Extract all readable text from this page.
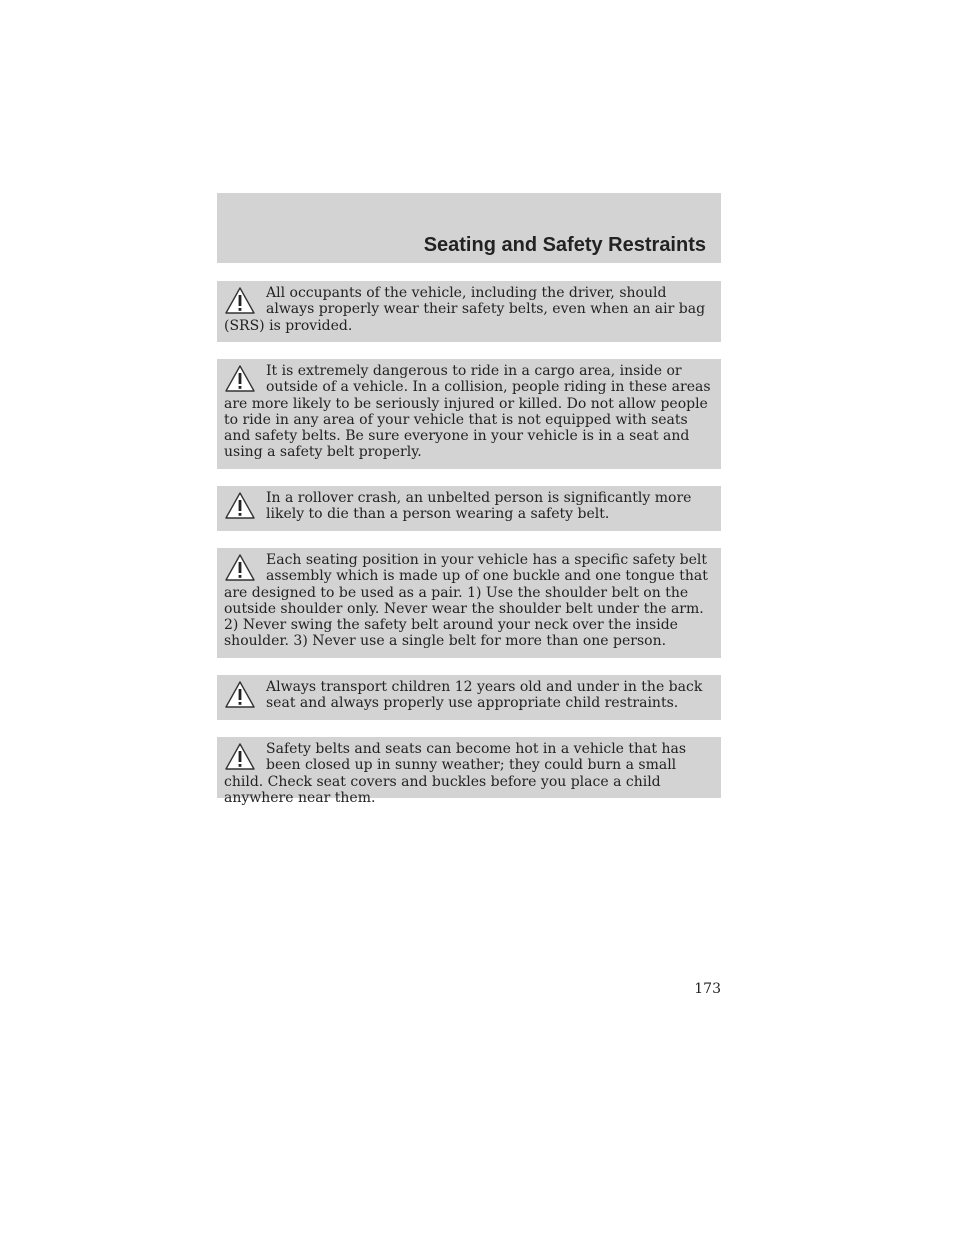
Seating and Safety Restraints

All occupants of the vehicle, including the driver, should always properly wear their safety belts, even when an air bag (SRS) is provided.

It is extremely dangerous to ride in a cargo area, inside or outside of a vehicle. In a collision, people riding in these areas are more likely to be seriously injured or killed. Do not allow people to ride in any area of your vehicle that is not equipped with seats and safety belts. Be sure everyone in your vehicle is in a seat and using a safety belt properly.

In a rollover crash, an unbelted person is significantly more likely to die than a person wearing a safety belt.

Each seating position in your vehicle has a specific safety belt assembly which is made up of one buckle and one tongue that are designed to be used as a pair. 1) Use the shoulder belt on the outside shoulder only. Never wear the shoulder belt under the arm. 2) Never swing the safety belt around your neck over the inside shoulder. 3) Never use a single belt for more than one person.

Always transport children 12 years old and under in the back seat and always properly use appropriate child restraints.

Safety belts and seats can become hot in a vehicle that has been closed up in sunny weather; they could burn a small child. Check seat covers and buckles before you place a child anywhere near them.

173
